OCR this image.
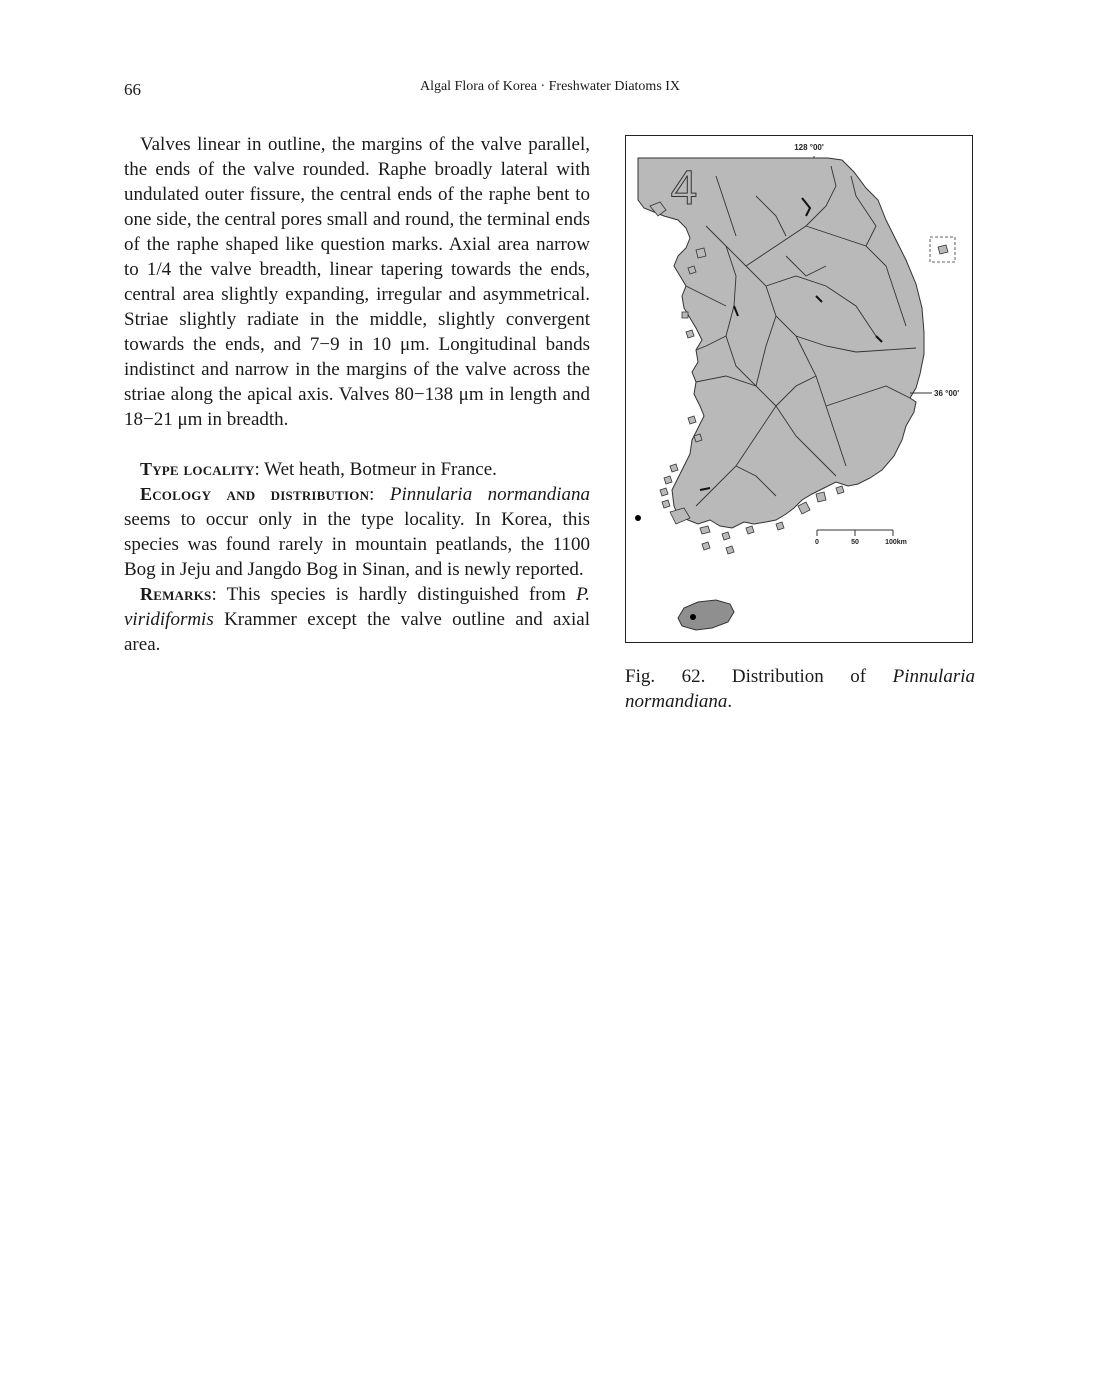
66	Algal Flora of Korea · Freshwater Diatoms IX

Valves linear in outline, the margins of the valve parallel, the ends of the valve rounded. Raphe broadly lateral with undulated outer fissure, the central ends of the raphe bent to one side, the central pores small and round, the terminal ends of the raphe shaped like question marks. Axial area narrow to 1/4 the valve breadth, linear tapering towards the ends, central area slightly expanding, irregular and asymmetrical. Striae slightly radiate in the middle, slightly convergent towards the ends, and 7−9 in 10 μm. Longitudinal bands indistinct and narrow in the margins of the valve across the striae along the apical axis. Valves 80−138 μm in length and 18−21 μm in breadth.

Type locality: Wet heath, Botmeur in France.

Ecology and distribution: Pinnularia normandiana seems to occur only in the type locality. In Korea, this species was found rarely in mountain peatlands, the 1100 Bog in Jeju and Jangdo Bog in Sinan, and is newly reported.

Remarks: This species is hardly distinguished from P. viridiformis Krammer except the valve outline and axial area.

128 °00'
4
36 °00'
0	50	100km
Fig. 62. Distribution of Pinnularia normandiana.
